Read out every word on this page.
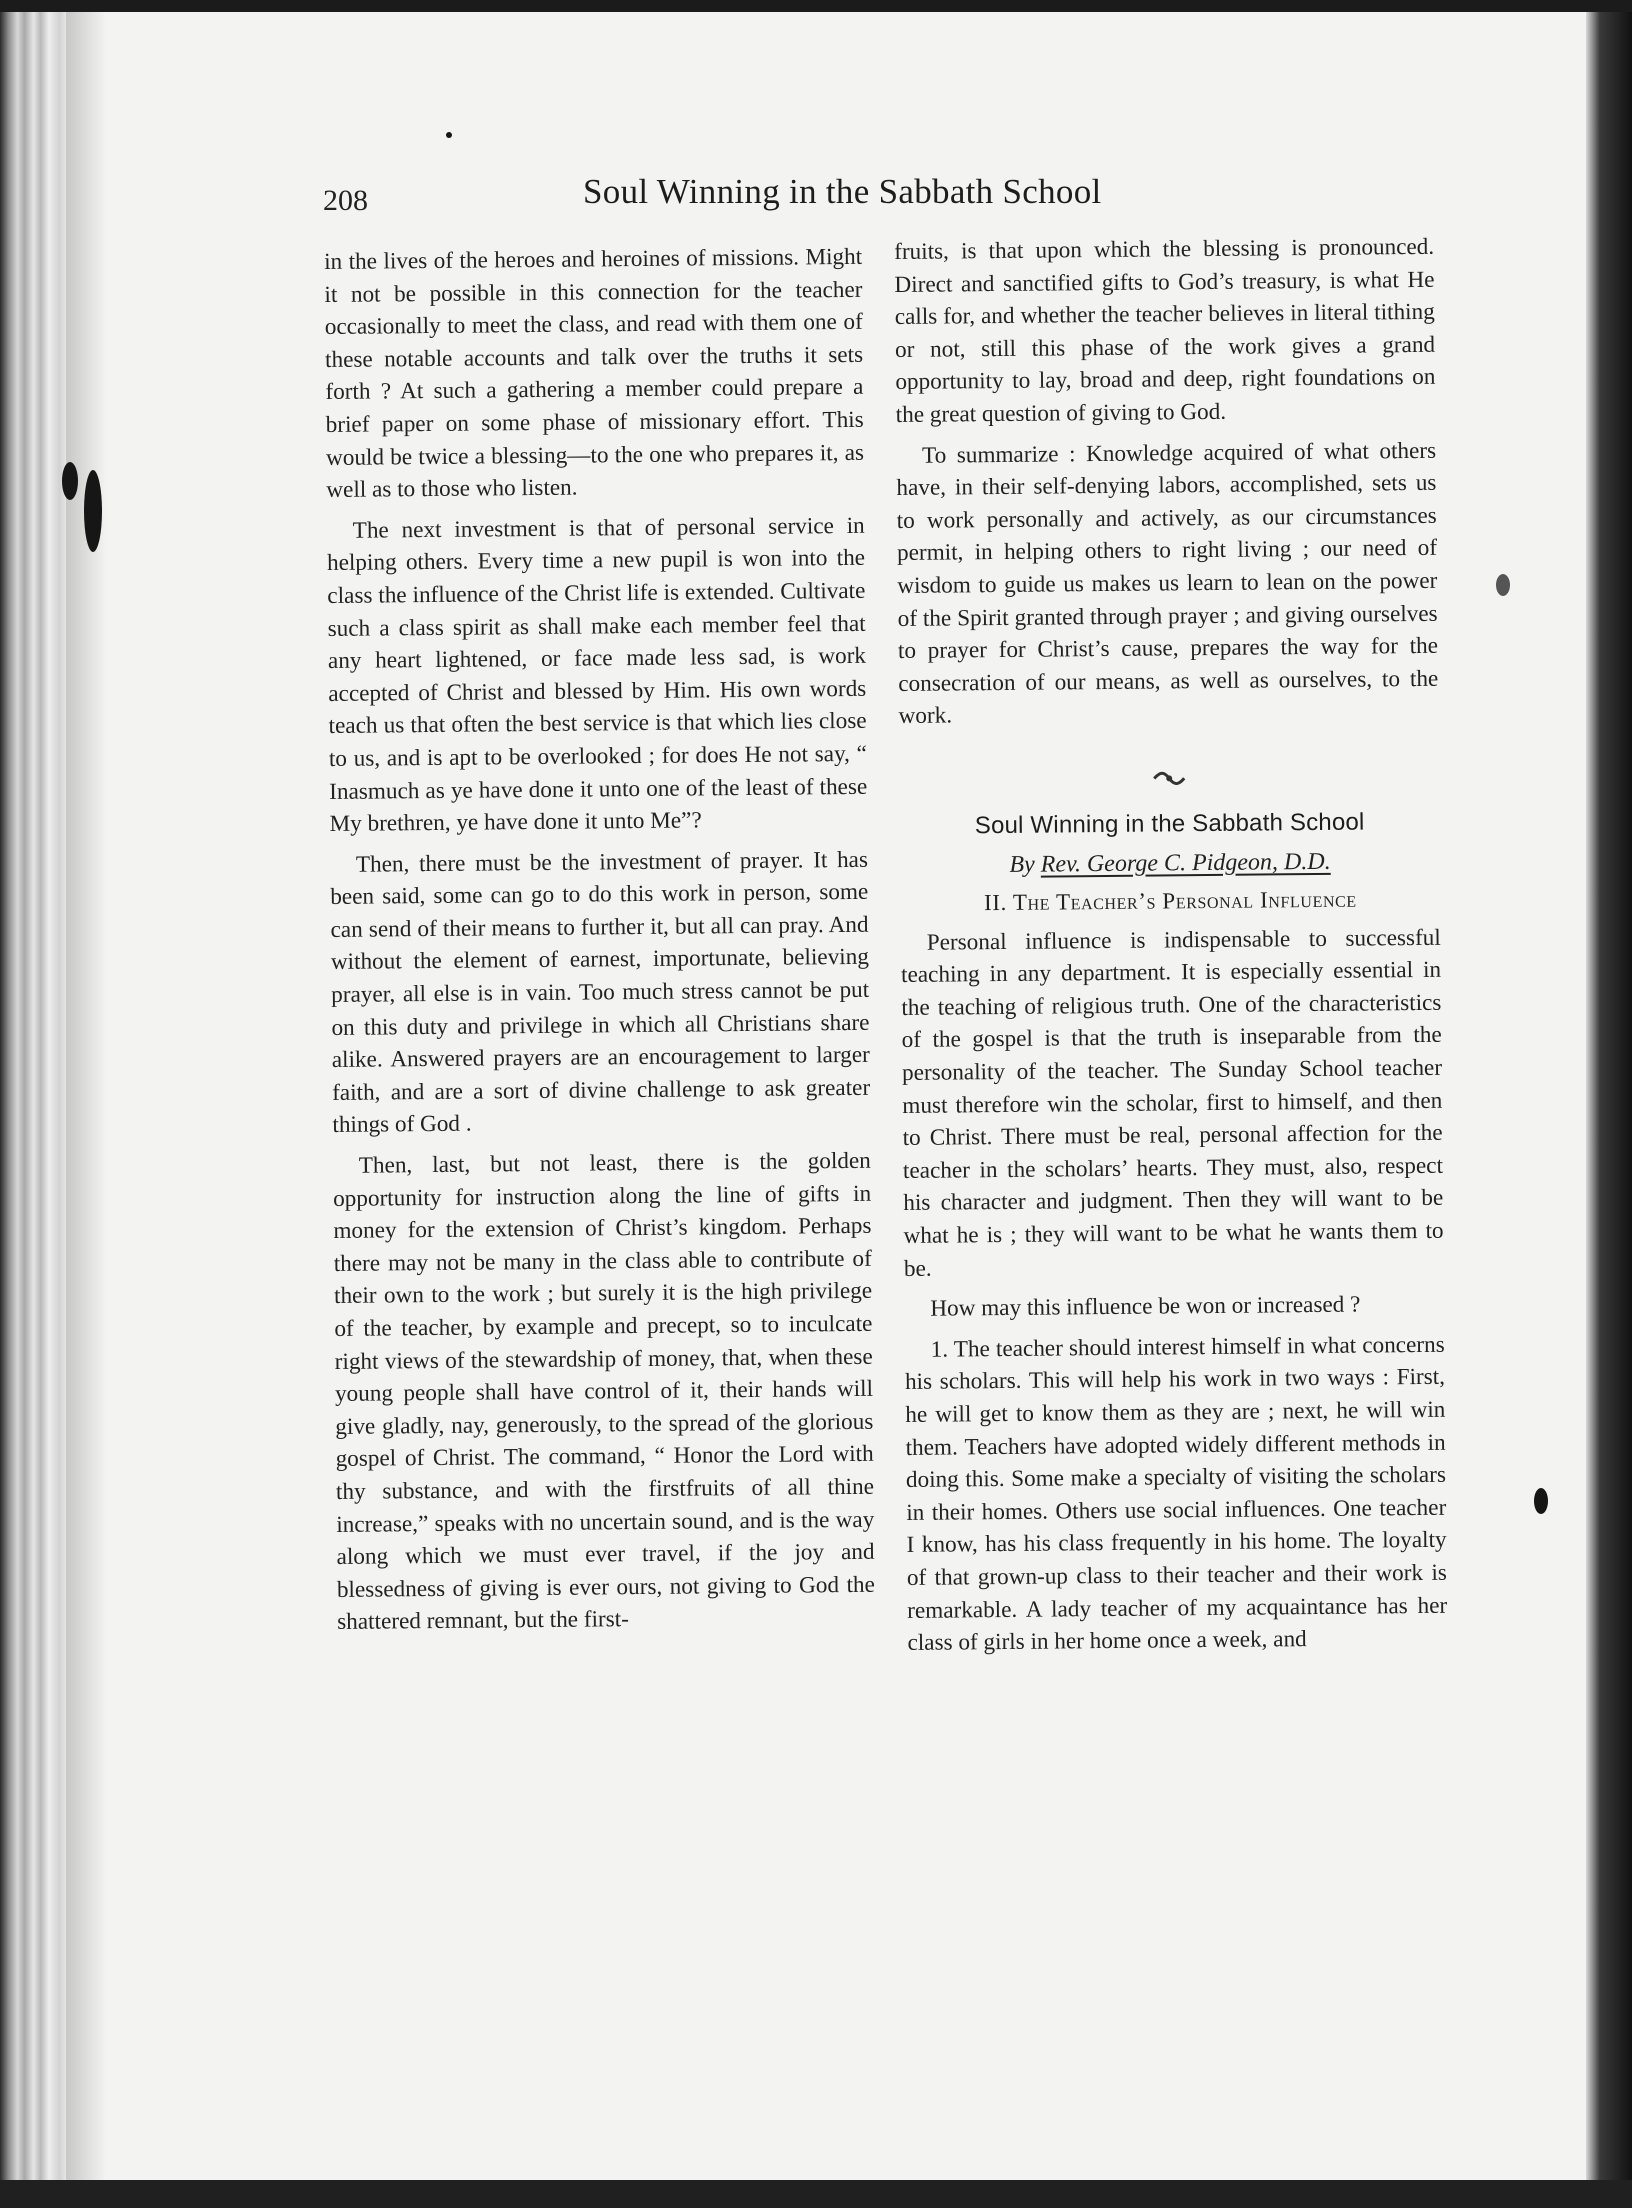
208	Soul Winning in the Sabbath School

in the lives of the heroes and heroines of missions. Might it not be possible in this connection for the teacher occasionally to meet the class, and read with them one of these notable accounts and talk over the truths it sets forth ? At such a gathering a member could prepare a brief paper on some phase of missionary effort. This would be twice a blessing—to the one who prepares it, as well as to those who listen.

The next investment is that of personal service in helping others. Every time a new pupil is won into the class the influence of the Christ life is extended. Cultivate such a class spirit as shall make each member feel that any heart lightened, or face made less sad, is work accepted of Christ and blessed by Him. His own words teach us that often the best service is that which lies close to us, and is apt to be overlooked ; for does He not say, “ Inasmuch as ye have done it unto one of the least of these My brethren, ye have done it unto Me”?

Then, there must be the investment of prayer. It has been said, some can go to do this work in person, some can send of their means to further it, but all can pray. And without the element of earnest, importunate, believing prayer, all else is in vain. Too much stress cannot be put on this duty and privilege in which all Christians share alike. Answered prayers are an encouragement to larger faith, and are a sort of divine challenge to ask greater things of God .

Then, last, but not least, there is the golden opportunity for instruction along the line of gifts in money for the extension of Christ’s kingdom. Perhaps there may not be many in the class able to contribute of their own to the work ; but surely it is the high privilege of the teacher, by example and precept, so to inculcate right views of the stewardship of money, that, when these young people shall have control of it, their hands will give gladly, nay, generously, to the spread of the glorious gospel of Christ. The command, “ Honor the Lord with thy substance, and with the firstfruits of all thine increase,” speaks with no uncertain sound, and is the way along which we must ever travel, if the joy and blessedness of giving is ever ours, not giving to God the shattered remnant, but the first-

fruits, is that upon which the blessing is pronounced. Direct and sanctified gifts to God’s treasury, is what He calls for, and whether the teacher believes in literal tithing or not, still this phase of the work gives a grand opportunity to lay, broad and deep, right foundations on the great question of giving to God.

To summarize : Knowledge acquired of what others have, in their self-denying labors, accomplished, sets us to work personally and actively, as our circumstances permit, in helping others to right living ; our need of wisdom to guide us makes us learn to lean on the power of the Spirit granted through prayer ; and giving ourselves to prayer for Christ’s cause, prepares the way for the consecration of our means, as well as ourselves, to the work.

Soul Winning in the Sabbath School
By Rev. George C. Pidgeon, D.D.
II. The Teacher’s Personal Influence

Personal influence is indispensable to successful teaching in any department. It is especially essential in the teaching of religious truth. One of the characteristics of the gospel is that the truth is inseparable from the personality of the teacher. The Sunday School teacher must therefore win the scholar, first to himself, and then to Christ. There must be real, personal affection for the teacher in the scholars’ hearts. They must, also, respect his character and judgment. Then they will want to be what he is ; they will want to be what he wants them to be.

How may this influence be won or increased ?

1. The teacher should interest himself in what concerns his scholars. This will help his work in two ways : First, he will get to know them as they are ; next, he will win them. Teachers have adopted widely different methods in doing this. Some make a specialty of visiting the scholars in their homes. Others use social influences. One teacher I know, has his class frequently in his home. The loyalty of that grown-up class to their teacher and their work is remarkable. A lady teacher of my acquaintance has her class of girls in her home once a week, and
